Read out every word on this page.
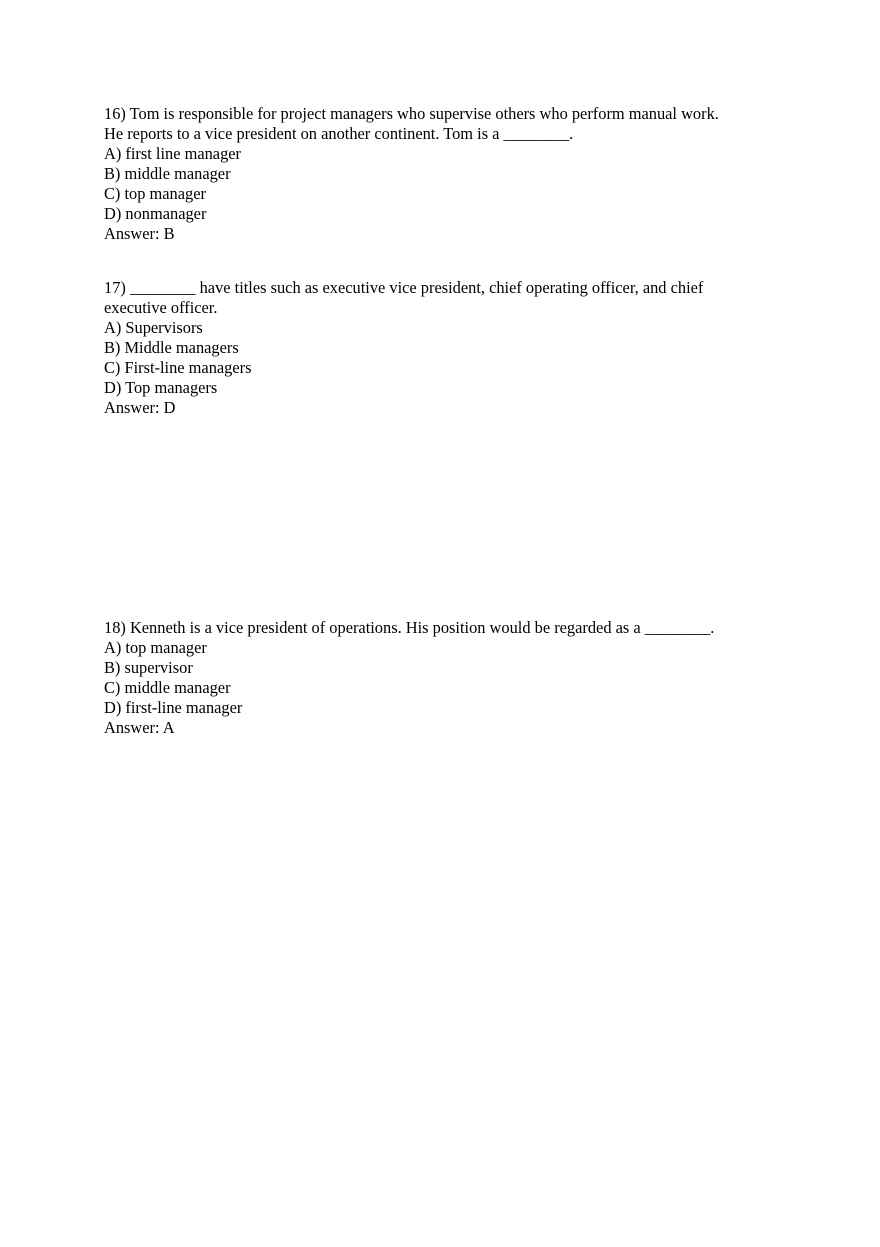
16) Tom is responsible for project managers who supervise others who perform manual work.
He reports to a vice president on another continent. Tom is a ________.
A) first line manager
B) middle manager
C) top manager
D) nonmanager
Answer: B
17) ________ have titles such as executive vice president, chief operating officer, and chief
executive officer.
A) Supervisors
B) Middle managers
C) First-line managers
D) Top managers
Answer: D
18) Kenneth is a vice president of operations. His position would be regarded as a ________.
A) top manager
B) supervisor
C) middle manager
D) first-line manager
Answer: A
